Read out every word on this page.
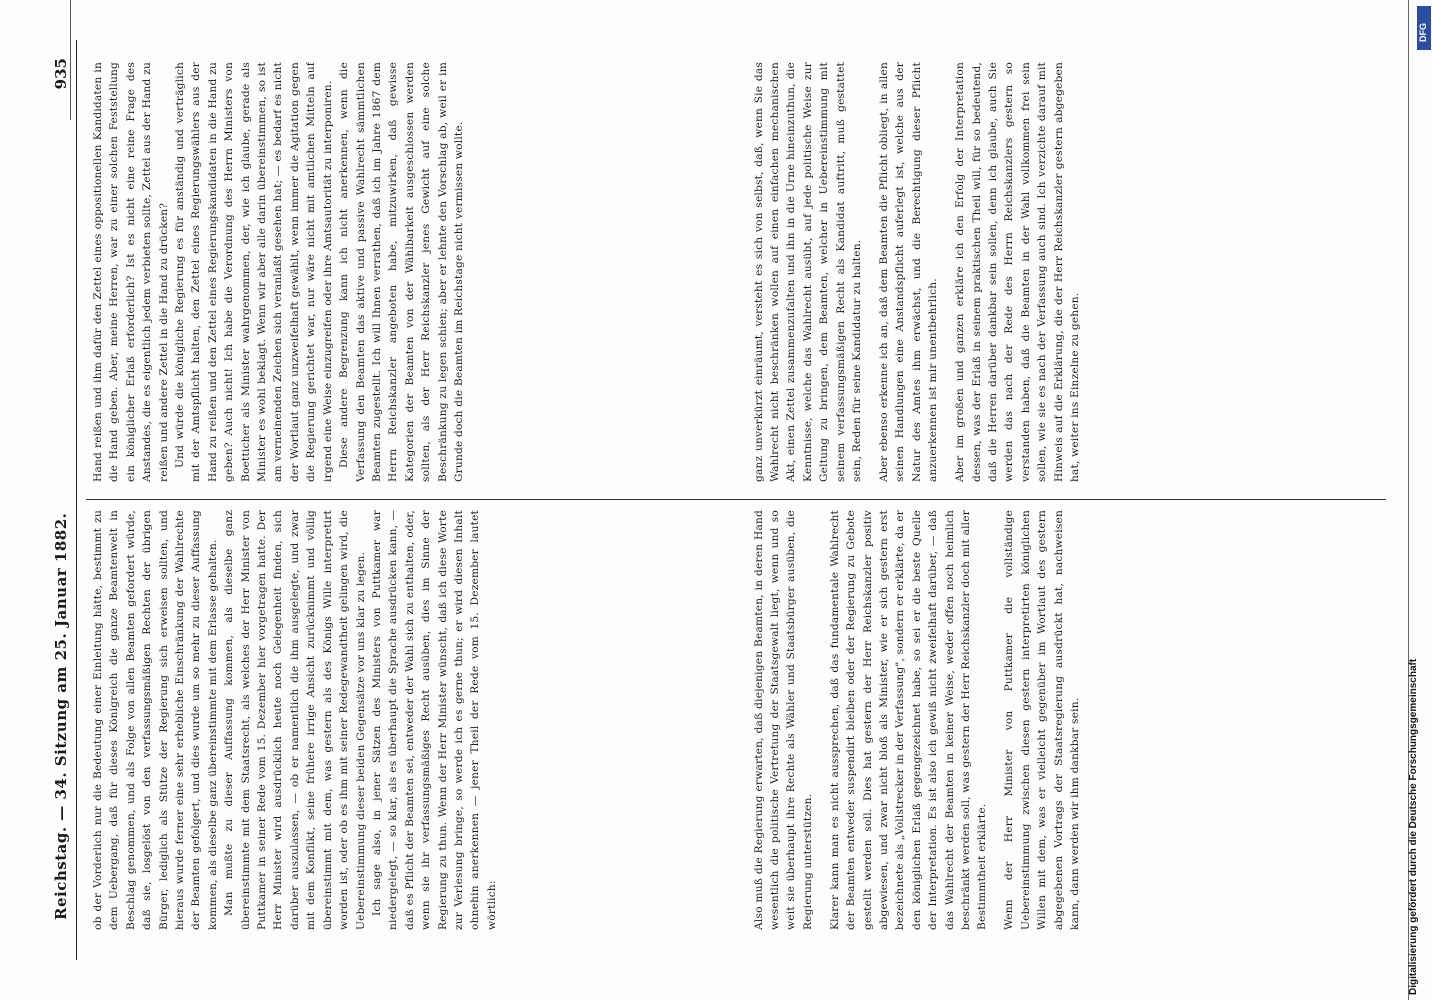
Reichstag. — 34. Sitzung am 25. Januar 1882.
935

ob der Vorderlich nur die Bedeutung einer Einleitung hätte, bestimmt zu dem Uebergang, daß für dieses Königreich die ganze Beamtenwelt in Beschlag genommen, und als Folge von allen Beamten gefordert würde, daß sie, losgelöst von den verfassungsmäßigen Rechten der übrigen Bürger, lediglich als Stütze der Regierung sich erweisen sollten, und hieraus wurde ferner eine sehr erhebliche Einschränkung der Wahlrechte der Beamten gefolgert, und dies wurde um so mehr zu dieser Auffassung kommen, als dieselbe ganz übereinstimmte mit dem Erlasse gehalten. Man mußte zu dieser Auffassung kommen, als dieselbe ganz übereinstimmte mit dem Staatsrecht, als welches der Herr Minister von Puttkamer in seiner Rede vom 15. Dezember hier vorgetragen hatte. Der Herr Minister wird ausdrücklich heute noch Gelegenheit finden, sich darüber auszulassen, — ob er namentlich die ihm ausgelegte, und zwar mit dem Konflikt, seine frühere irrige Ansicht zurücknimmt und völlig übereinstimmt mit dem, was gestern als des Königs Wille interpretirt worden ist, oder ob es ihm mit seiner Redegewandtheit gelingen wird, die Uebereinstimmung dieser beiden Gegensätze vor uns klar zu legen. Ich sage also, in jener Sätzen des Ministers von Puttkamer war niedergelegt, — so klar, als es überhaupt die Sprache ausdrücken kann, — daß es Pflicht der Beamten sei, entweder der Wahl sich zu enthalten, oder, wenn sie ihr verfassungsmäßiges Recht ausüben, dies im Sinne der Regierung zu thun. Wenn der Herr Minister wünscht, daß ich diese Worte zur Verlesung bringe, so werde ich es gerne thun; er wird diesen Inhalt ohnehin anerkennen — jener Theil der Rede vom 15. Dezember lautet wörtlich:

Hand reißen und ihm dafür den Zettel eines oppositionellen Kandidaten in die Hand geben. Aber, meine Herren, war zu einer solchen Feststellung ein königlicher Erlaß erforderlich? Ist es nicht eine reine Frage des Anstandes, die es eigentlich jedem verbieten sollte, Zettel aus der Hand zu reißen und andere Zettel in die Hand zu drücken? Und würde die königliche Regierung es für anständig und verträglich mit der Amtspflicht halten, den Zettel eines Regierungswählers aus der Hand zu reißen und den Zettel eines Regierungskandidaten in die Hand zu geben? Auch nicht! Ich habe die Verordnung des Herrn Ministers von Boetticher als Minister wahrgenommen, der, wie ich glaube, gerade als Minister es wohl beklagt. Wenn wir aber alle darin übereinstimmen, so ist am verneinenden Zeichen sich veranlaßt gesehen hat; — es bedarf es nicht der Wortlaut ganz unzweifelhaft gewählt, wenn immer die Agitation gegen die Regierung gerichtet war, nur wäre nicht mit amtlichen Mitteln auf irgend eine Weise einzugreifen oder ihre Amtsautorität zu interponiren. Diese andere Begrenzung kann ich nicht anerkennen, wenn die Verfassung den Beamten das aktive und passive Wahlrecht sämmtlichen Beamten zugestellt. Ich will Ihnen verrathen, daß ich im Jahre 1867 dem Herrn Reichskanzler angeboten habe, mitzuwirken, daß gewisse Kategorien der Beamten von der Wählbarkeit ausgeschlossen werden sollten, als der Herr Reichskanzler jenes Gewicht auf eine solche Beschränkung zu legen schien; aber er lehnte den Vorschlag ab, weil er im Grunde doch die Beamten im Reichstage nicht vermissen wollte.

Also muß die Regierung erwarten, daß diejenigen Beamten, in deren Hand wesentlich die politische Vertretung der Staatsgewalt liegt, wenn und so weit sie überhaupt ihre Rechte als Wähler und Staatsbürger ausüben, die Regierung unterstützen. Klarer kann man es nicht aussprechen, daß das fundamentale Wahlrecht der Beamten entweder suspendirt bleiben oder der Regierung zu Gebote gestellt werden soll. Dies hat gestern der Herr Reichskanzler positiv abgewiesen, und zwar nicht bloß als Minister, wie er sich gestern erst bezeichnete als „Vollstrecker in der Verfassung", sondern er erklärte, da er den königlichen Erlaß gegengezeichnet habe, so sei er die beste Quelle der Interpretation. Es ist also ich gewiß nicht zweifelhaft darüber, — daß das Wahlrecht der Beamten in keiner Weise, weder offen noch heimlich beschränkt werden soll, was gestern der Herr Reichskanzler doch mit aller Bestimmtheit erklärte. Wenn der Herr Minister von Puttkamer die vollständige Uebereinstimmung zwischen diesen gestern interpretirten königlichen Willen mit dem, was er vielleicht gegenüber im Wortlaut des gestern abgegebenen Vortrags der Staatsregierung ausdrückt hat, nachweisen kann, dann werden wir ihm dankbar sein.

ganz unverkürzt einräumt, versteht es sich von selbst, daß, wenn Sie das Wahlrecht nicht beschränken wollen auf einen einfachen mechanischen Akt, einen Zettel zusammenzufalten und ihn in die Urne hineinzuthun, die Kenntnisse, welche das Wahlrecht ausübt, auf jede politische Weise zur Geltung zu bringen, dem Beamten, welcher in Uebereinstimmung mit seinem verfassungsmäßigen Recht als Kandidat auftritt, muß gestattet sein, Reden für seine Kandidatur zu halten. Aber ebenso erkenne ich an, daß dem Beamten die Pflicht obliegt, in allen seinen Handlungen eine Anstandspflicht auferlegt ist, welche aus der Natur des Amtes ihm erwächst, und die Berechtigung dieser Pflicht anzuerkennen ist mir unentbehrlich. Aber im großen und ganzen erkläre ich den Erfolg der Interpretation dessen, was der Erlaß in seinem praktischen Theil will, für so bedeutend, daß die Herren darüber dankbar sein sollen, denn ich glaube, auch Sie werden das nach der Rede des Herrn Reichskanzlers gestern so verstanden haben, daß die Beamten in der Wahl vollkommen frei sein sollen, wie sie es nach der Verfassung auch sind. Ich verzichte darauf mit Hinweis auf die Erklärung, die der Herr Reichskanzler gestern abgegeben hat, weiter ins Einzelne zu gehen.

Digitalisierung gefördert durch die Deutsche Forschungsgemeinschaft
DFG
